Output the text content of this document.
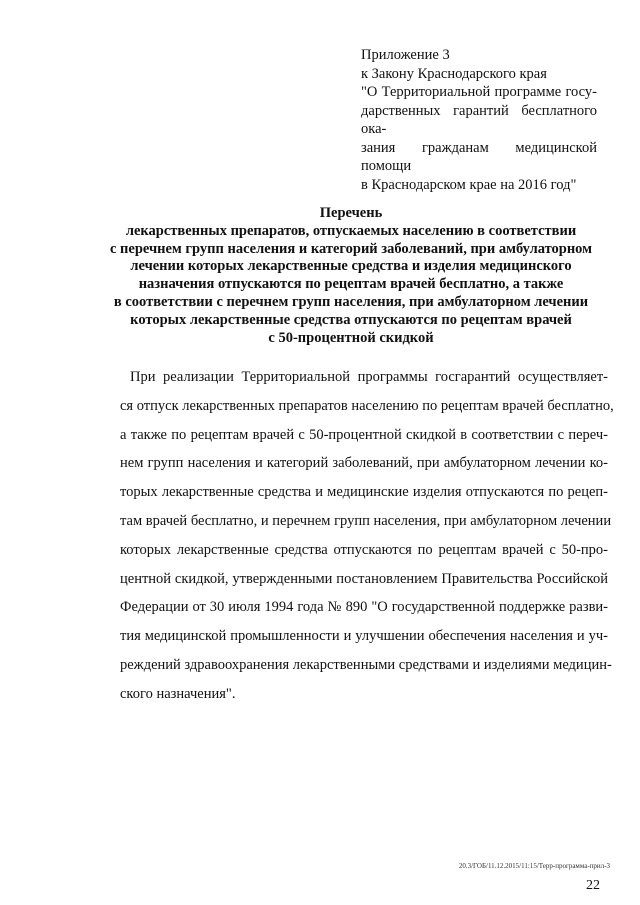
Приложение 3
к Закону Краснодарского края
"О Территориальной программе госу-
дарственных гарантий бесплатного ока-
зания гражданам медицинской помощи
в Краснодарском крае на 2016 год"
Перечень
лекарственных препаратов, отпускаемых населению в соответствии
с перечнем групп населения и категорий заболеваний, при амбулаторном
лечении которых лекарственные средства и изделия медицинского
назначения отпускаются по рецептам врачей бесплатно, а также
в соответствии с перечнем групп населения, при амбулаторном лечении
которых лекарственные средства отпускаются по рецептам врачей
с 50-процентной скидкой
При реализации Территориальной программы госгарантий осуществляет-
ся отпуск лекарственных препаратов населению по рецептам врачей бесплатно,
а также по рецептам врачей с 50-процентной скидкой в соответствии с переч-
нем групп населения и категорий заболеваний, при амбулаторном лечении ко-
торых лекарственные средства и медицинские изделия отпускаются по рецеп-
там врачей бесплатно, и перечнем групп населения, при амбулаторном лечении
которых лекарственные средства отпускаются по рецептам врачей с 50-про-
центной скидкой, утвержденными постановлением Правительства Российской
Федерации от 30 июля 1994 года № 890 "О государственной поддержке разви-
тия медицинской промышленности и улучшении обеспечения населения и уч-
реждений здравоохранения лекарственными средствами и изделиями медицин-
ского назначения".
20.3/ГОБ/11.12.2015/11:15/Терр-программа-прил-3
22
